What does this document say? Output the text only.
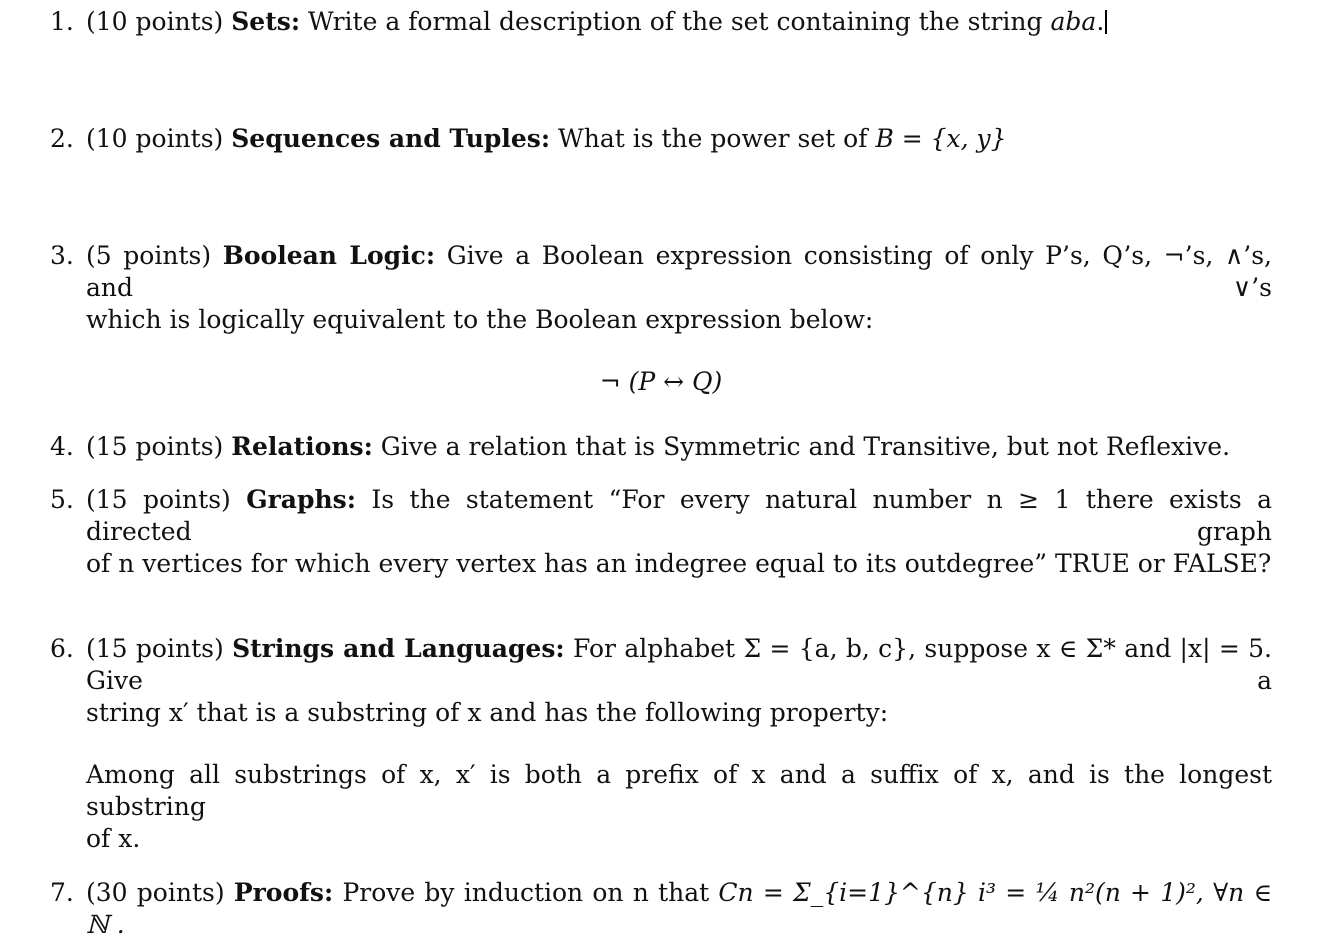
1. (10 points) Sets: Write a formal description of the set containing the string aba.
2. (10 points) Sequences and Tuples: What is the power set of B = {x, y}
3. (5 points) Boolean Logic: Give a Boolean expression consisting of only P’s, Q’s, ¬’s, ∧’s, and ∨’s
which is logically equivalent to the Boolean expression below:
¬ (P ↔ Q)
4. (15 points) Relations: Give a relation that is Symmetric and Transitive, but not Reflexive.
5. (15 points) Graphs: Is the statement “For every natural number n ≥ 1 there exists a directed graph
of n vertices for which every vertex has an indegree equal to its outdegree” TRUE or FALSE?
6. (15 points) Strings and Languages: For alphabet Σ = {a, b, c}, suppose x ∈ Σ* and |x| = 5. Give a
string x′ that is a substring of x and has the following property:
Among all substrings of x, x′ is both a prefix of x and a suffix of x, and is the longest substring
of x.
7. (30 points) Proofs: Prove by induction on n that Cn = Σ_{i=1}^{n} i³ = ¼ n²(n + 1)², ∀n ∈ ℕ .
